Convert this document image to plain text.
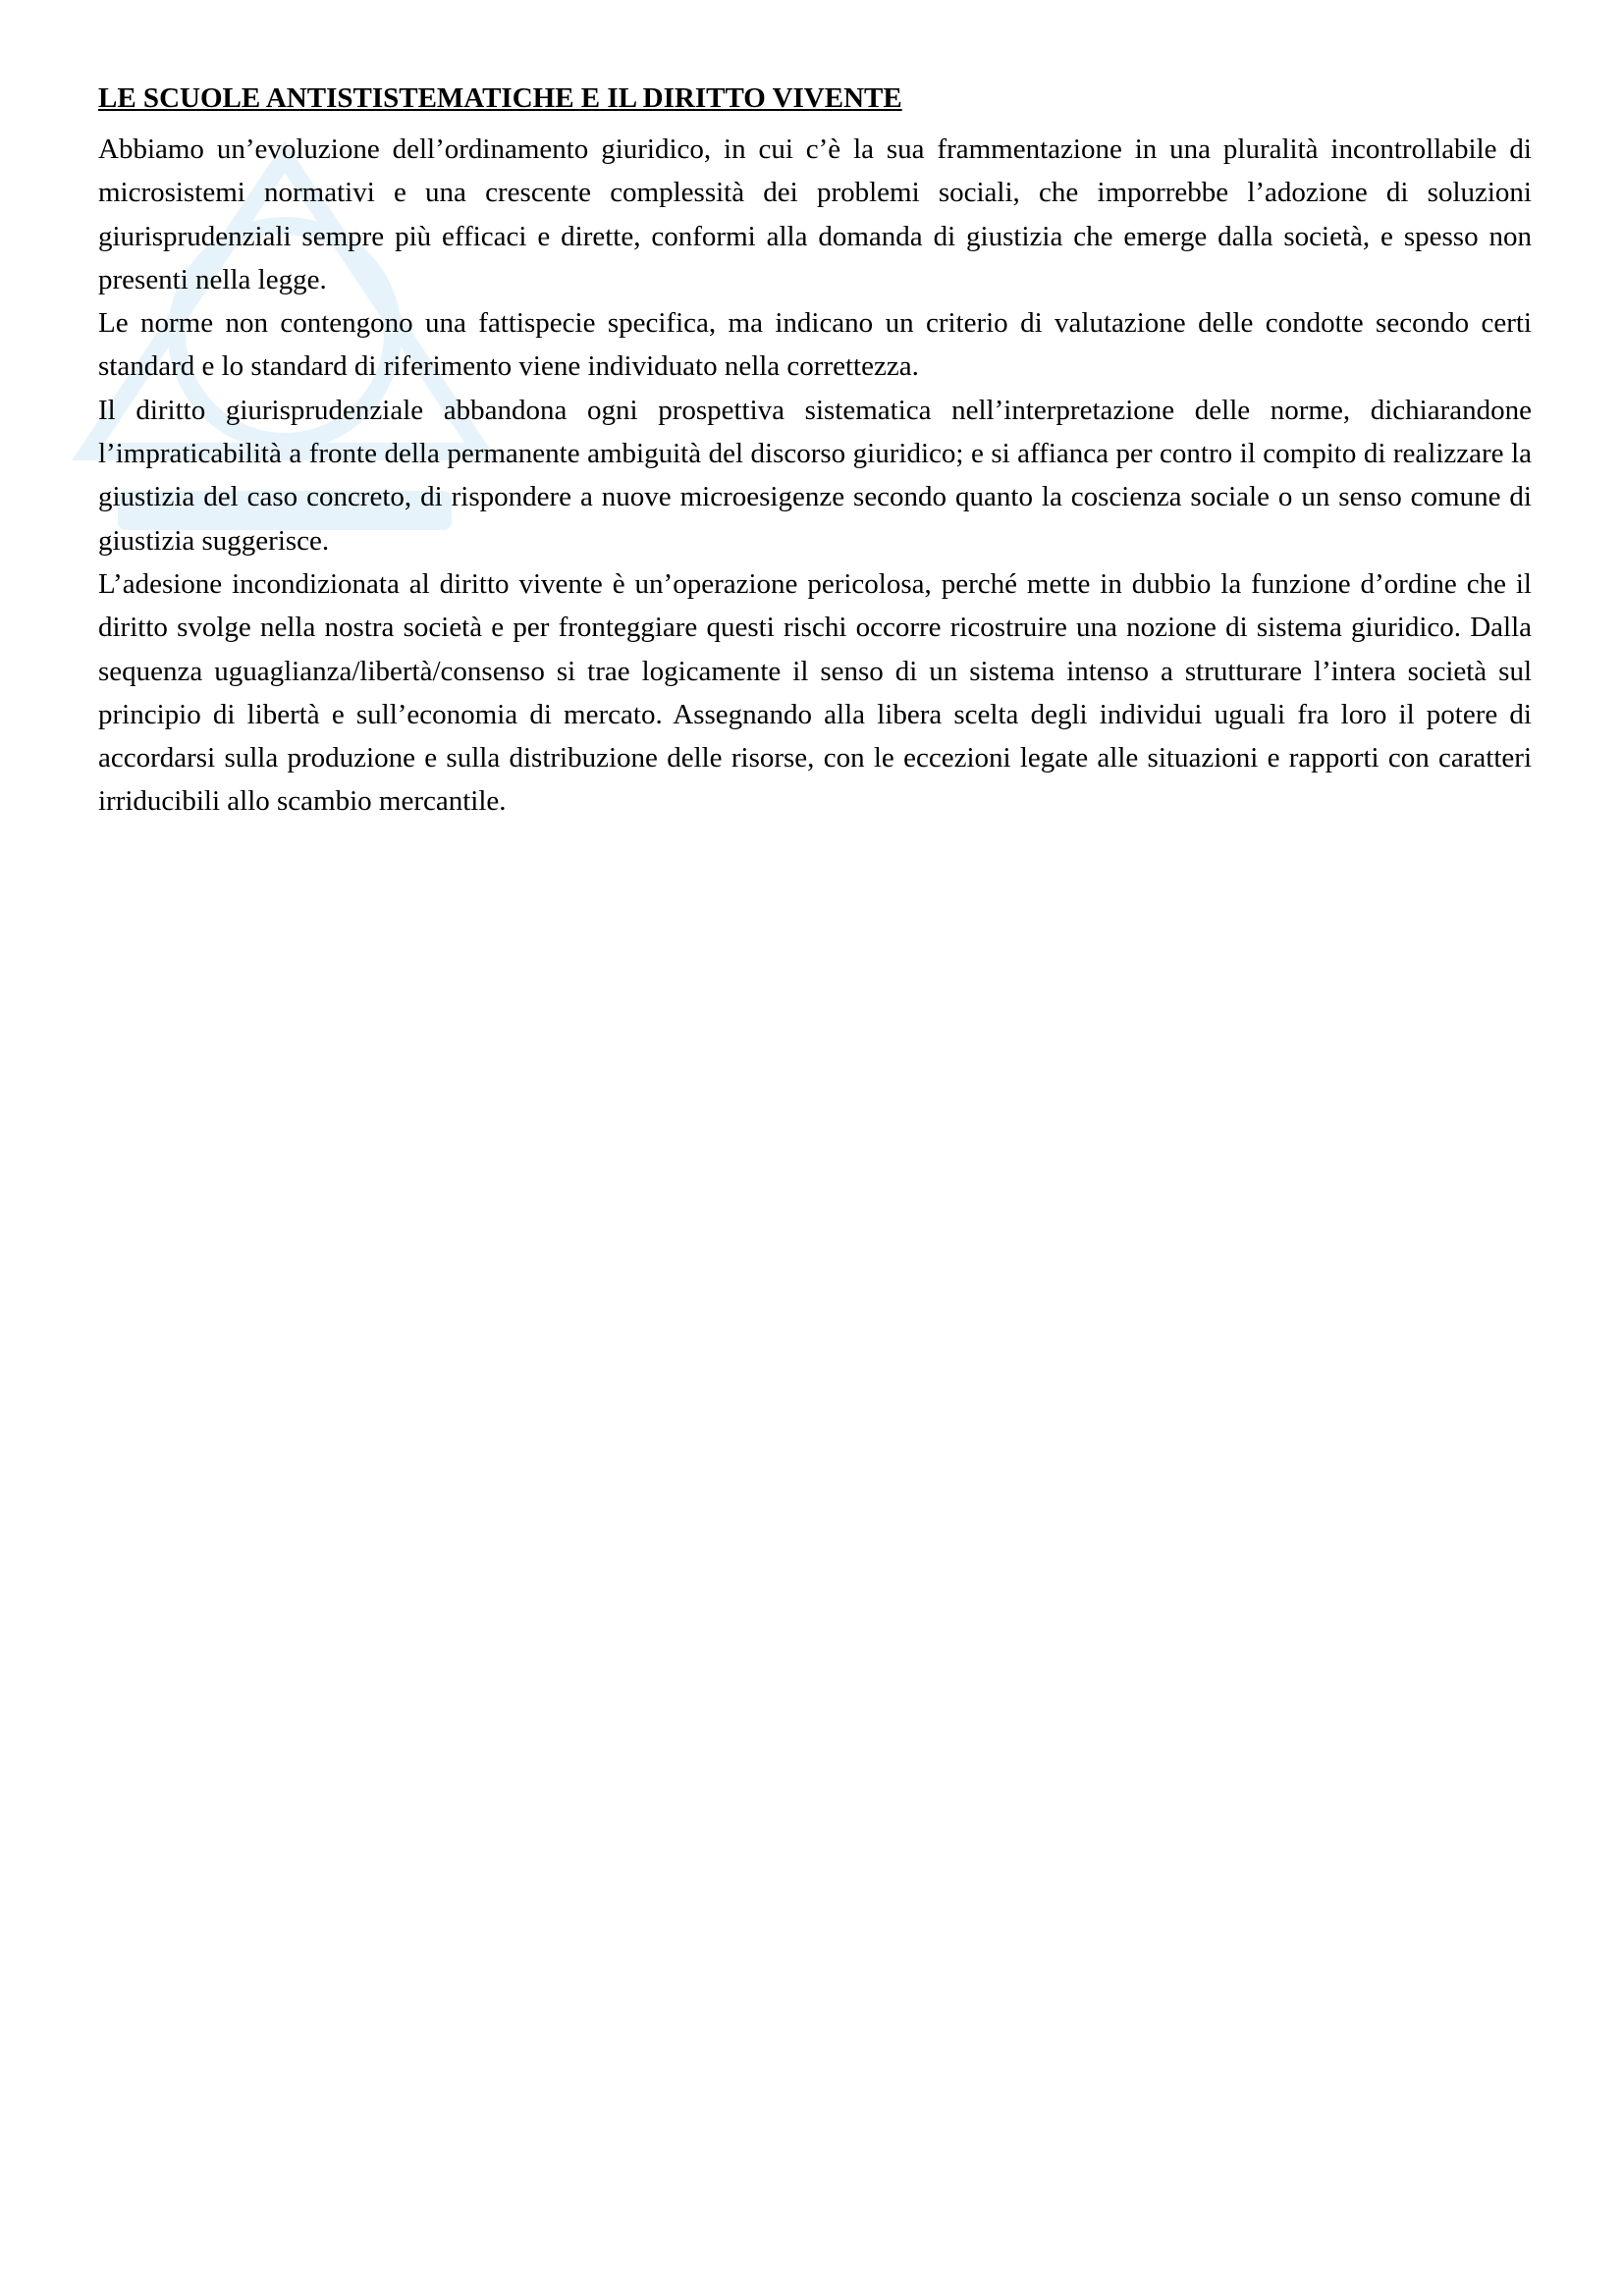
LE SCUOLE ANTISTISTEMATICHE E IL DIRITTO VIVENTE

Abbiamo un’evoluzione dell’ordinamento giuridico, in cui c’è la sua frammentazione in una pluralità incontrollabile di microsistemi normativi e una crescente complessità dei problemi sociali, che imporrebbe l’adozione di soluzioni giurisprudenziali sempre più efficaci e dirette, conformi alla domanda di giustizia che emerge dalla società, e spesso non presenti nella legge.

Le norme non contengono una fattispecie specifica, ma indicano un criterio di valutazione delle condotte secondo certi standard e lo standard di riferimento viene individuato nella correttezza.

Il diritto giurisprudenziale abbandona ogni prospettiva sistematica nell’interpretazione delle norme, dichiarandone l’impraticabilità a fronte della permanente ambiguità del discorso giuridico; e si affianca per contro il compito di realizzare la giustizia del caso concreto, di rispondere a nuove microesigenze secondo quanto la coscienza sociale o un senso comune di giustizia suggerisce.

L’adesione incondizionata al diritto vivente è un’operazione pericolosa, perché mette in dubbio la funzione d’ordine che il diritto svolge nella nostra società e per fronteggiare questi rischi occorre ricostruire una nozione di sistema giuridico. Dalla sequenza uguaglianza/libertà/consenso si trae logicamente il senso di un sistema intenso a strutturare l’intera società sul principio di libertà e sull’economia di mercato. Assegnando alla libera scelta degli individui uguali fra loro il potere di accordarsi sulla produzione e sulla distribuzione delle risorse, con le eccezioni legate alle situazioni e rapporti con caratteri irriducibili allo scambio mercantile.
